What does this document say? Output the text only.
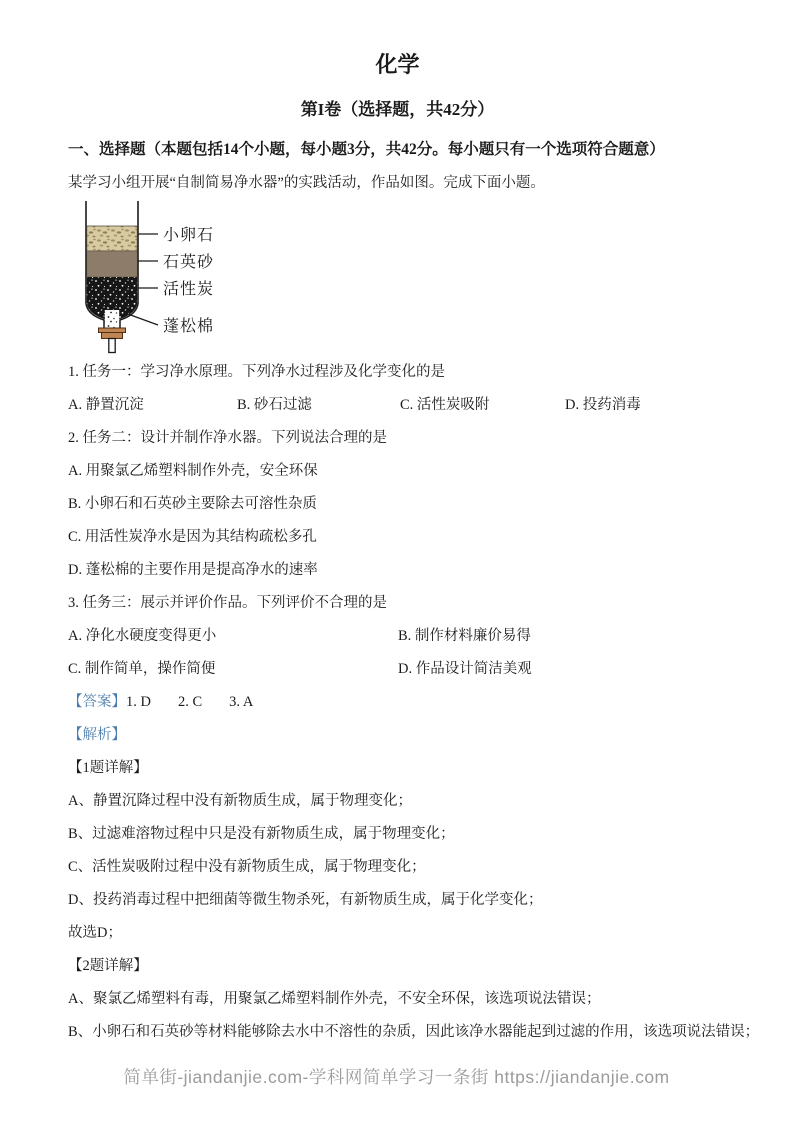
化学
第I卷（选择题，共42分）
一、选择题（本题包括14个小题，每小题3分，共42分。每小题只有一个选项符合题意）

某学习小组开展“自制简易净水器”的实践活动，作品如图。完成下面小题。

小卵石
石英砂
活性炭
蓬松棉

1. 任务一：学习净水原理。下列净水过程涉及化学变化的是

A. 静置沉淀	B. 砂石过滤	C. 活性炭吸附	D. 投药消毒

2. 任务二：设计并制作净水器。下列说法合理的是

A. 用聚氯乙烯塑料制作外壳，安全环保

B. 小卵石和石英砂主要除去可溶性杂质

C. 用活性炭净水是因为其结构疏松多孔

D. 蓬松棉的主要作用是提高净水的速率

3. 任务三：展示并评价作品。下列评价不合理的是

A. 净化水硬度变得更小	B. 制作材料廉价易得
C. 制作简单，操作简便	D. 作品设计简洁美观

【答案】1. D 2. C 3. A

【解析】

【1题详解】

A、静置沉降过程中没有新物质生成，属于物理变化；

B、过滤难溶物过程中只是没有新物质生成，属于物理变化；

C、活性炭吸附过程中没有新物质生成，属于物理变化；

D、投药消毒过程中把细菌等微生物杀死，有新物质生成，属于化学变化；

故选D；

【2题详解】

A、聚氯乙烯塑料有毒，用聚氯乙烯塑料制作外壳，不安全环保，该选项说法错误；

B、小卵石和石英砂等材料能够除去水中不溶性的杂质，因此该净水器能起到过滤的作用，该选项说法错误；

简单街-jiandanjie.com-学科网简单学习一条街 https://jiandanjie.com
